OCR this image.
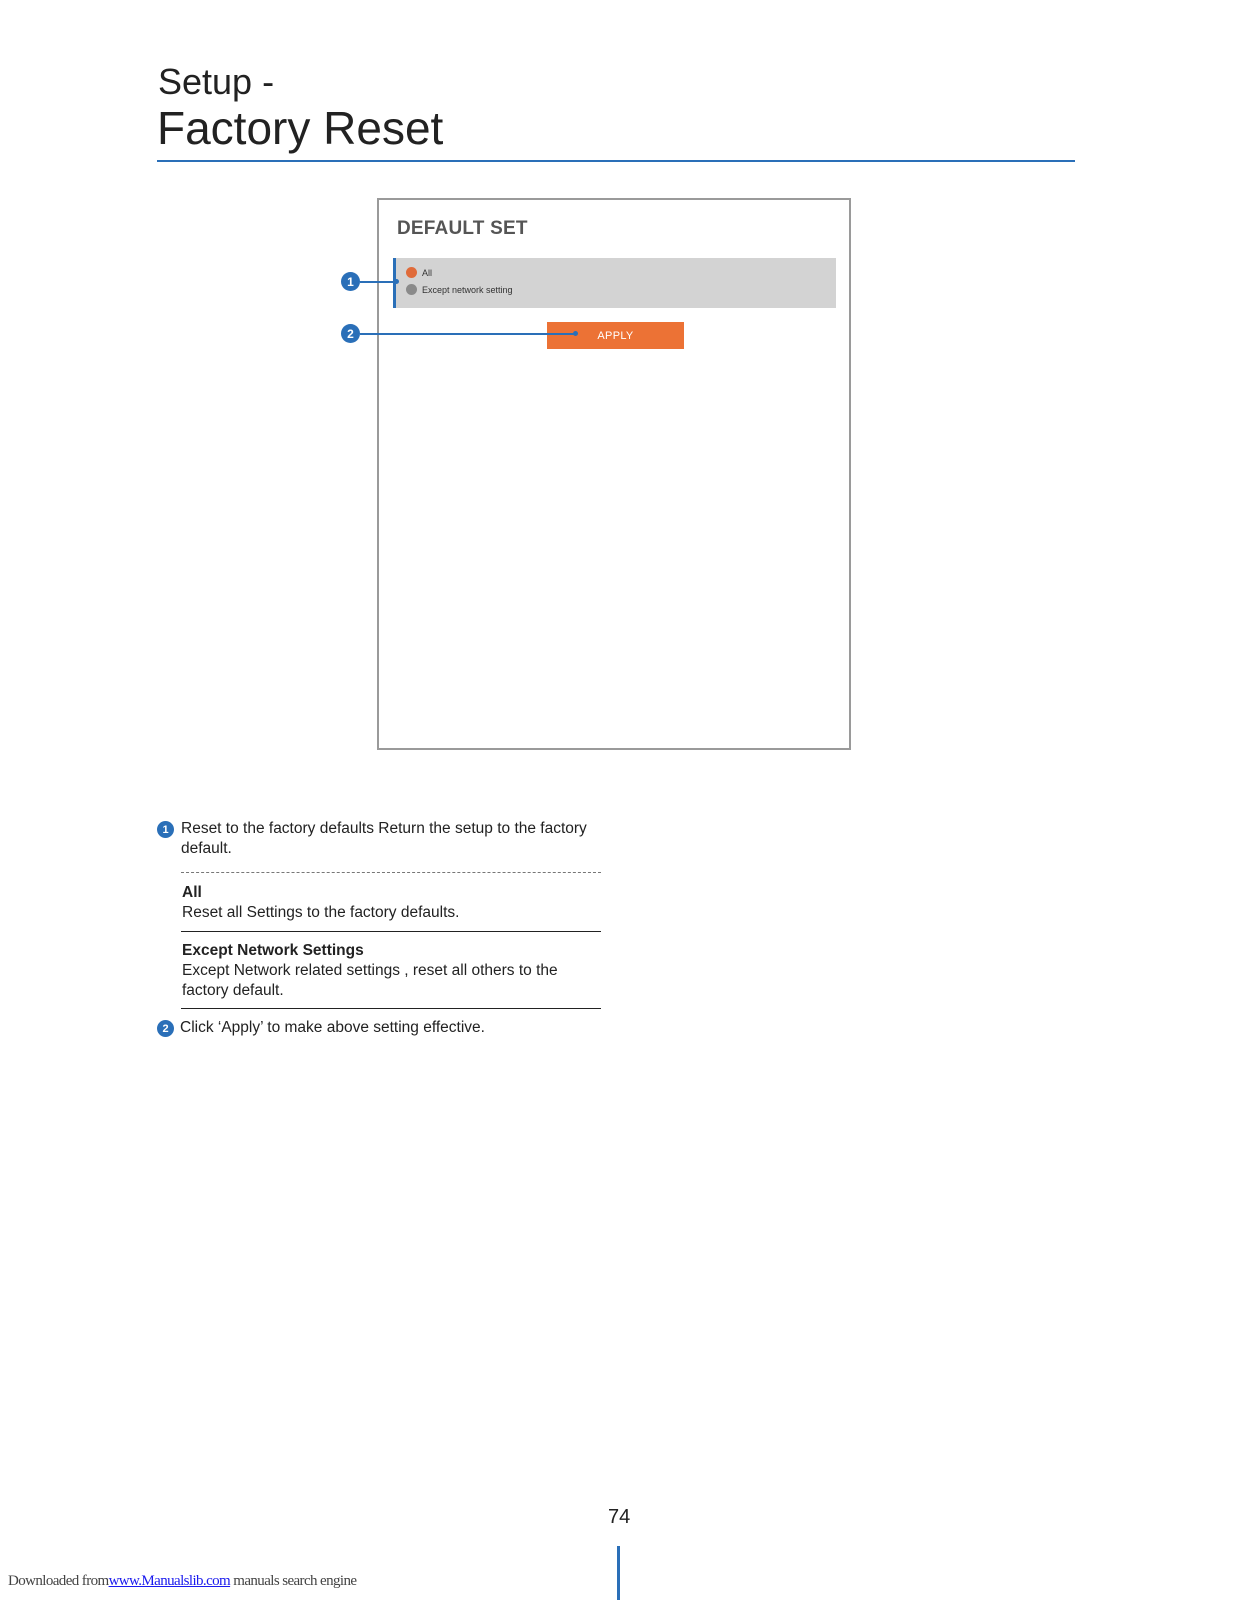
Setup -
Factory Reset
DEFAULT SET
All
Except network setting
APPLY
1
2
1 Reset to the factory defaults Return the setup to the factory
default.
All
Reset all Settings to the factory defaults.
Except Network Settings
Except Network related settings , reset all others to the
factory default.
2 Click ‘Apply’ to make above setting effective.
74
Downloaded fromwww.Manualslib.com manuals search engine
